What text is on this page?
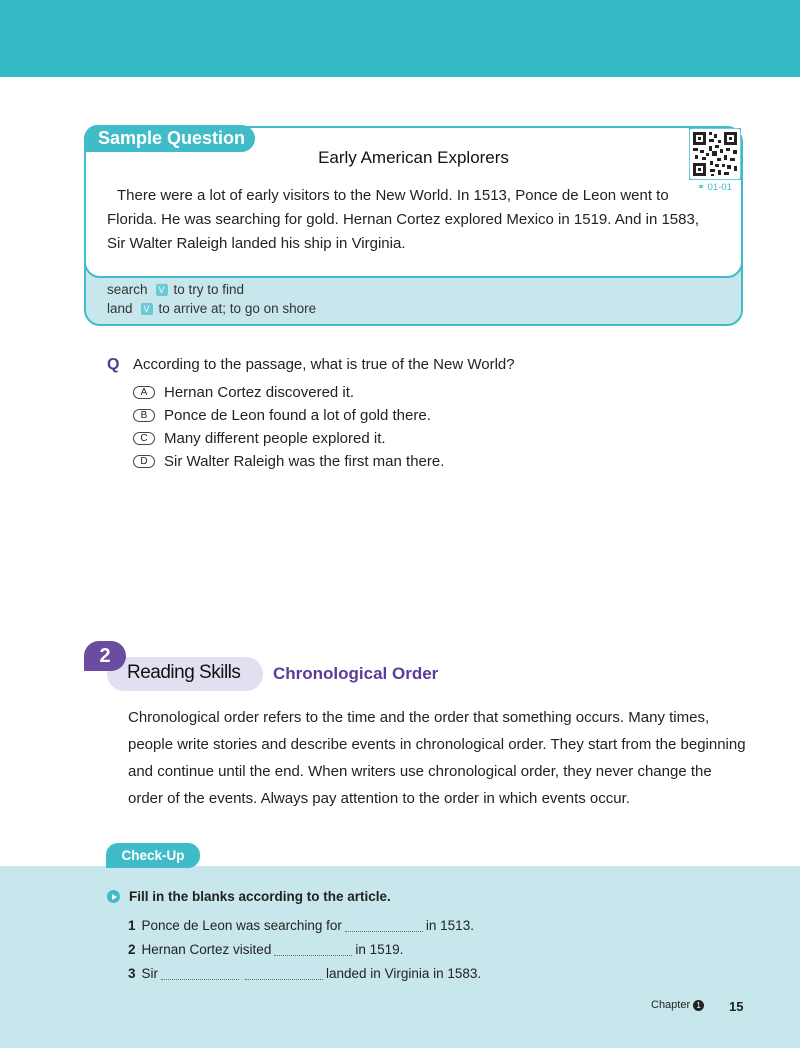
Sample Question
Early American Explorers
There were a lot of early visitors to the New World. In 1513, Ponce de Leon went to Florida. He was searching for gold. Hernan Cortez explored Mexico in 1519. And in 1583, Sir Walter Raleigh landed his ship in Virginia.
⚭ 01-01
search	V to try to find
land	V to arrive at; to go on shore
Q According to the passage, what is true of the New World?
A	Hernan Cortez discovered it.
B	Ponce de Leon found a lot of gold there.
C	Many different people explored it.
D	Sir Walter Raleigh was the first man there.
2
Reading Skills Chronological Order
Chronological order refers to the time and the order that something occurs. Many times, people write stories and describe events in chronological order. They start from the beginning and continue until the end. When writers use chronological order, they never change the order of the events. Always pay attention to the order in which events occur.
Check-Up
Fill in the blanks according to the article.
1 Ponce de Leon was searching for	in 1513.
2 Hernan Cortez visited	in 1519.
3 Sir	landed in Virginia in 1583.
Chapter 1 15
